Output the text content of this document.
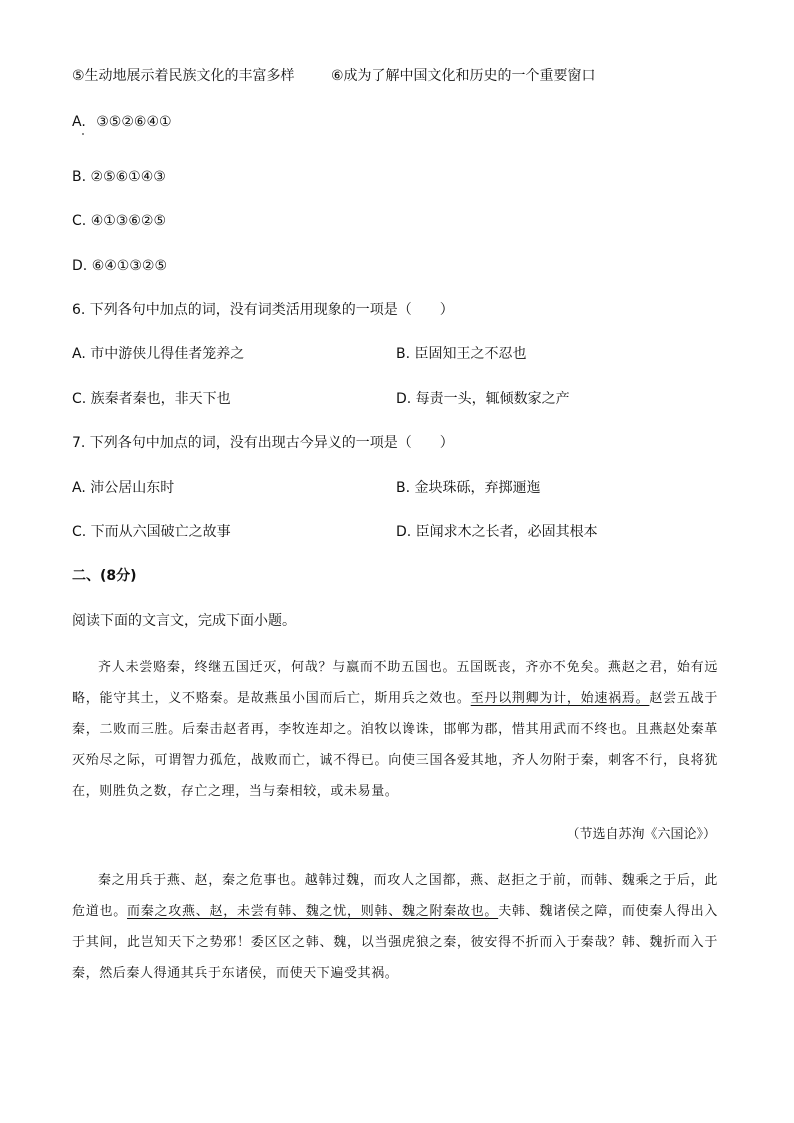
⑤生动地展示着民族文化的丰富多样	⑥成为了解中国文化和历史的一个重要窗口
A. ③⑤②⑥④①
B. ②⑤⑥①④③
C. ④①③⑥②⑤
D. ⑥④①③②⑤
6. 下列各句中加点的词，没有词类活用现象的一项是（　　）
A. 市中游侠儿得佳者笼养之	B. 臣固知王之不忍也
C. 族秦者秦也，非天下也	D. 每责一头，辄倾数家之产
7. 下列各句中加点的词，没有出现古今异义的一项是（　　）
A. 沛公居山东时	B. 金块珠砾，弃掷逦迤
C. 下而从六国破亡之故事	D. 臣闻求木之长者，必固其根本
二、(8分)
阅读下面的文言文，完成下面小题。
齐人未尝赂秦，终继五国迁灭，何哉？与嬴而不助五国也。五国既丧，齐亦不免矣。燕赵之君，始有远略，能守其土，义不赂秦。是故燕虽小国而后亡，斯用兵之效也。至丹以荆卿为计，始速祸焉。赵尝五战于秦，二败而三胜。后秦击赵者再，李牧连却之。洎牧以谗诛，邯郸为郡，惜其用武而不终也。且燕赵处秦革灭殆尽之际，可谓智力孤危，战败而亡，诚不得已。向使三国各爱其地，齐人勿附于秦，刺客不行，良将犹在，则胜负之数，存亡之理，当与秦相较，或未易量。
（节选自苏洵《六国论》）
秦之用兵于燕、赵，秦之危事也。越韩过魏，而攻人之国都，燕、赵拒之于前，而韩、魏乘之于后，此危道也。而秦之攻燕、赵，未尝有韩、魏之忧，则韩、魏之附秦故也。夫韩、魏诸侯之障，而使秦人得出入于其间，此岂知天下之势邪！委区区之韩、魏，以当强虎狼之秦，彼安得不折而入于秦哉？韩、魏折而入于秦，然后秦人得通其兵于东诸侯，而使天下遍受其祸。
